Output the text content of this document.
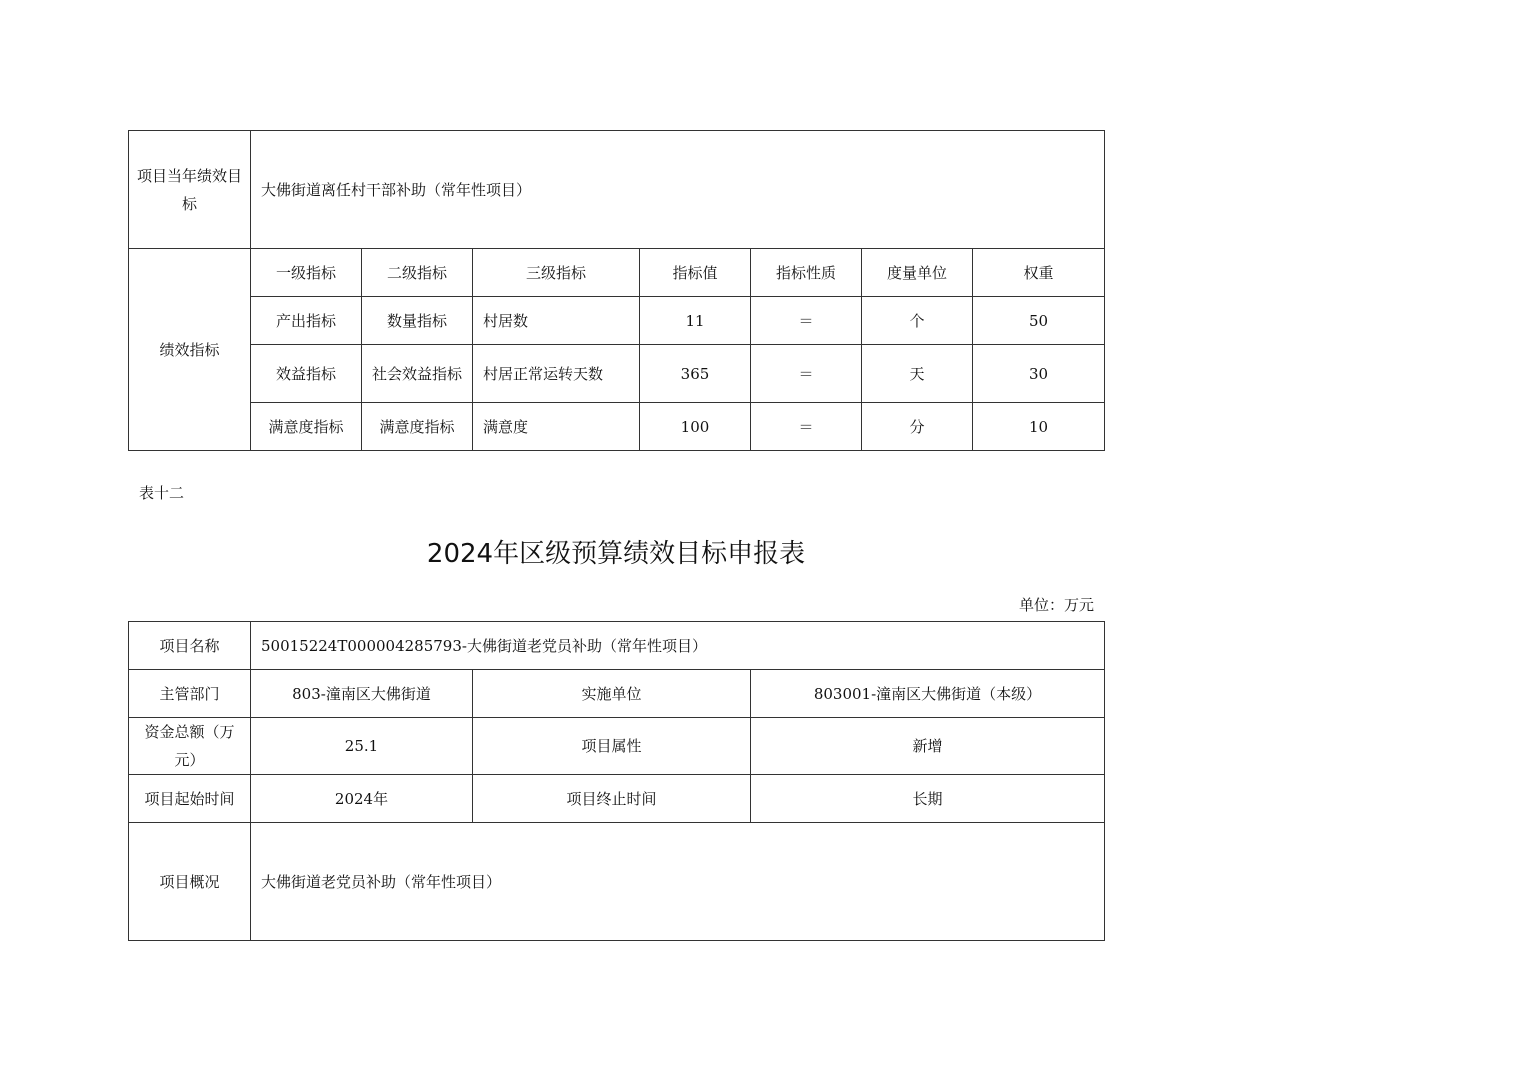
项目当年绩效目标	大佛街道离任村干部补助（常年性项目）						
绩效指标	一级指标	二级指标	三级指标	指标值	指标性质	度量单位	权重
	产出指标	数量指标	村居数	11	＝	个	50
	效益指标	社会效益指标	村居正常运转天数	365	＝	天	30
	满意度指标	满意度指标	满意度	100	＝	分	10
表十二
2024年区级预算绩效目标申报表
单位：万元
项目名称	50015224T000004285793-大佛街道老党员补助（常年性项目）		
主管部门	803-潼南区大佛街道	实施单位	803001-潼南区大佛街道（本级）
资金总额（万元）	25.1	项目属性	新增
项目起始时间	2024年	项目终止时间	长期
项目概况	大佛街道老党员补助（常年性项目）		
